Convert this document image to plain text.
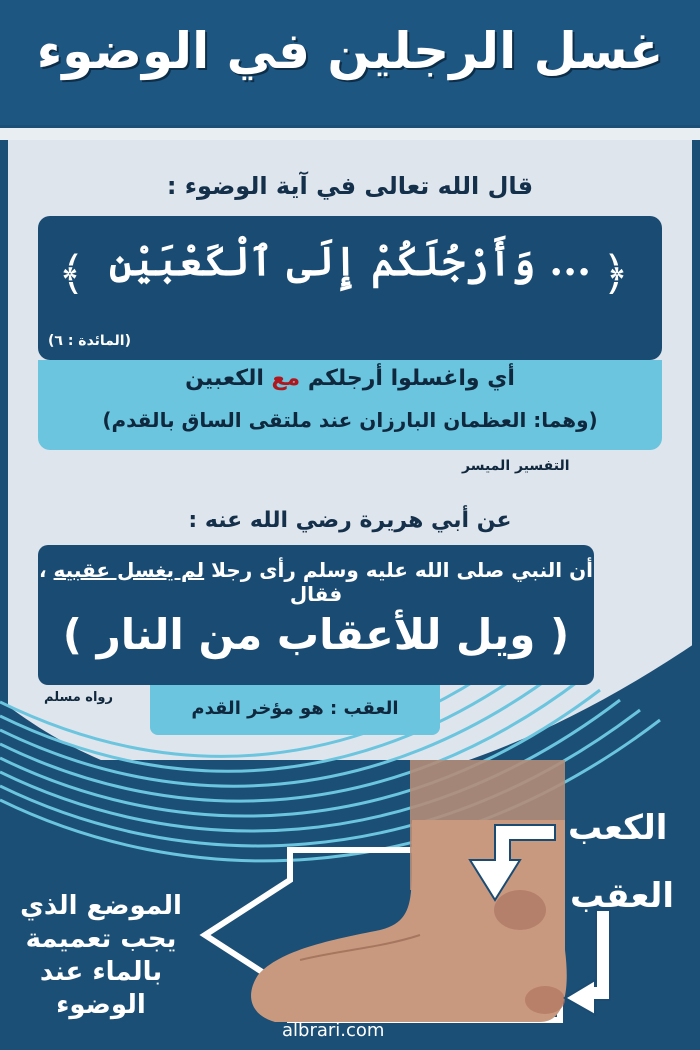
غسل الرجلين في الوضوء
قال الله تعالى في آية الوضوء :
﴿
﴾ ... وَأَرْجُلَكُمْ إِلَى ٱلْكَعْبَيْنِ
(المائدة : ٦)
أي واغسلوا أرجلكم مع الكعبين
(وهما: العظمان البارزان عند ملتقى الساق بالقدم)
التفسير الميسر
عن أبي هريرة رضي الله عنه :
أن النبي صلى الله عليه وسلم رأى رجلا لم يغسل عقبيه ، فقال
( ويل للأعقاب من النار )
رواه مسلم
العقب : هو مؤخر القدم
الكعب
العقب
الموضع الذي
يجب تعميمة
بالماء عند
الوضوء
albrari.com
